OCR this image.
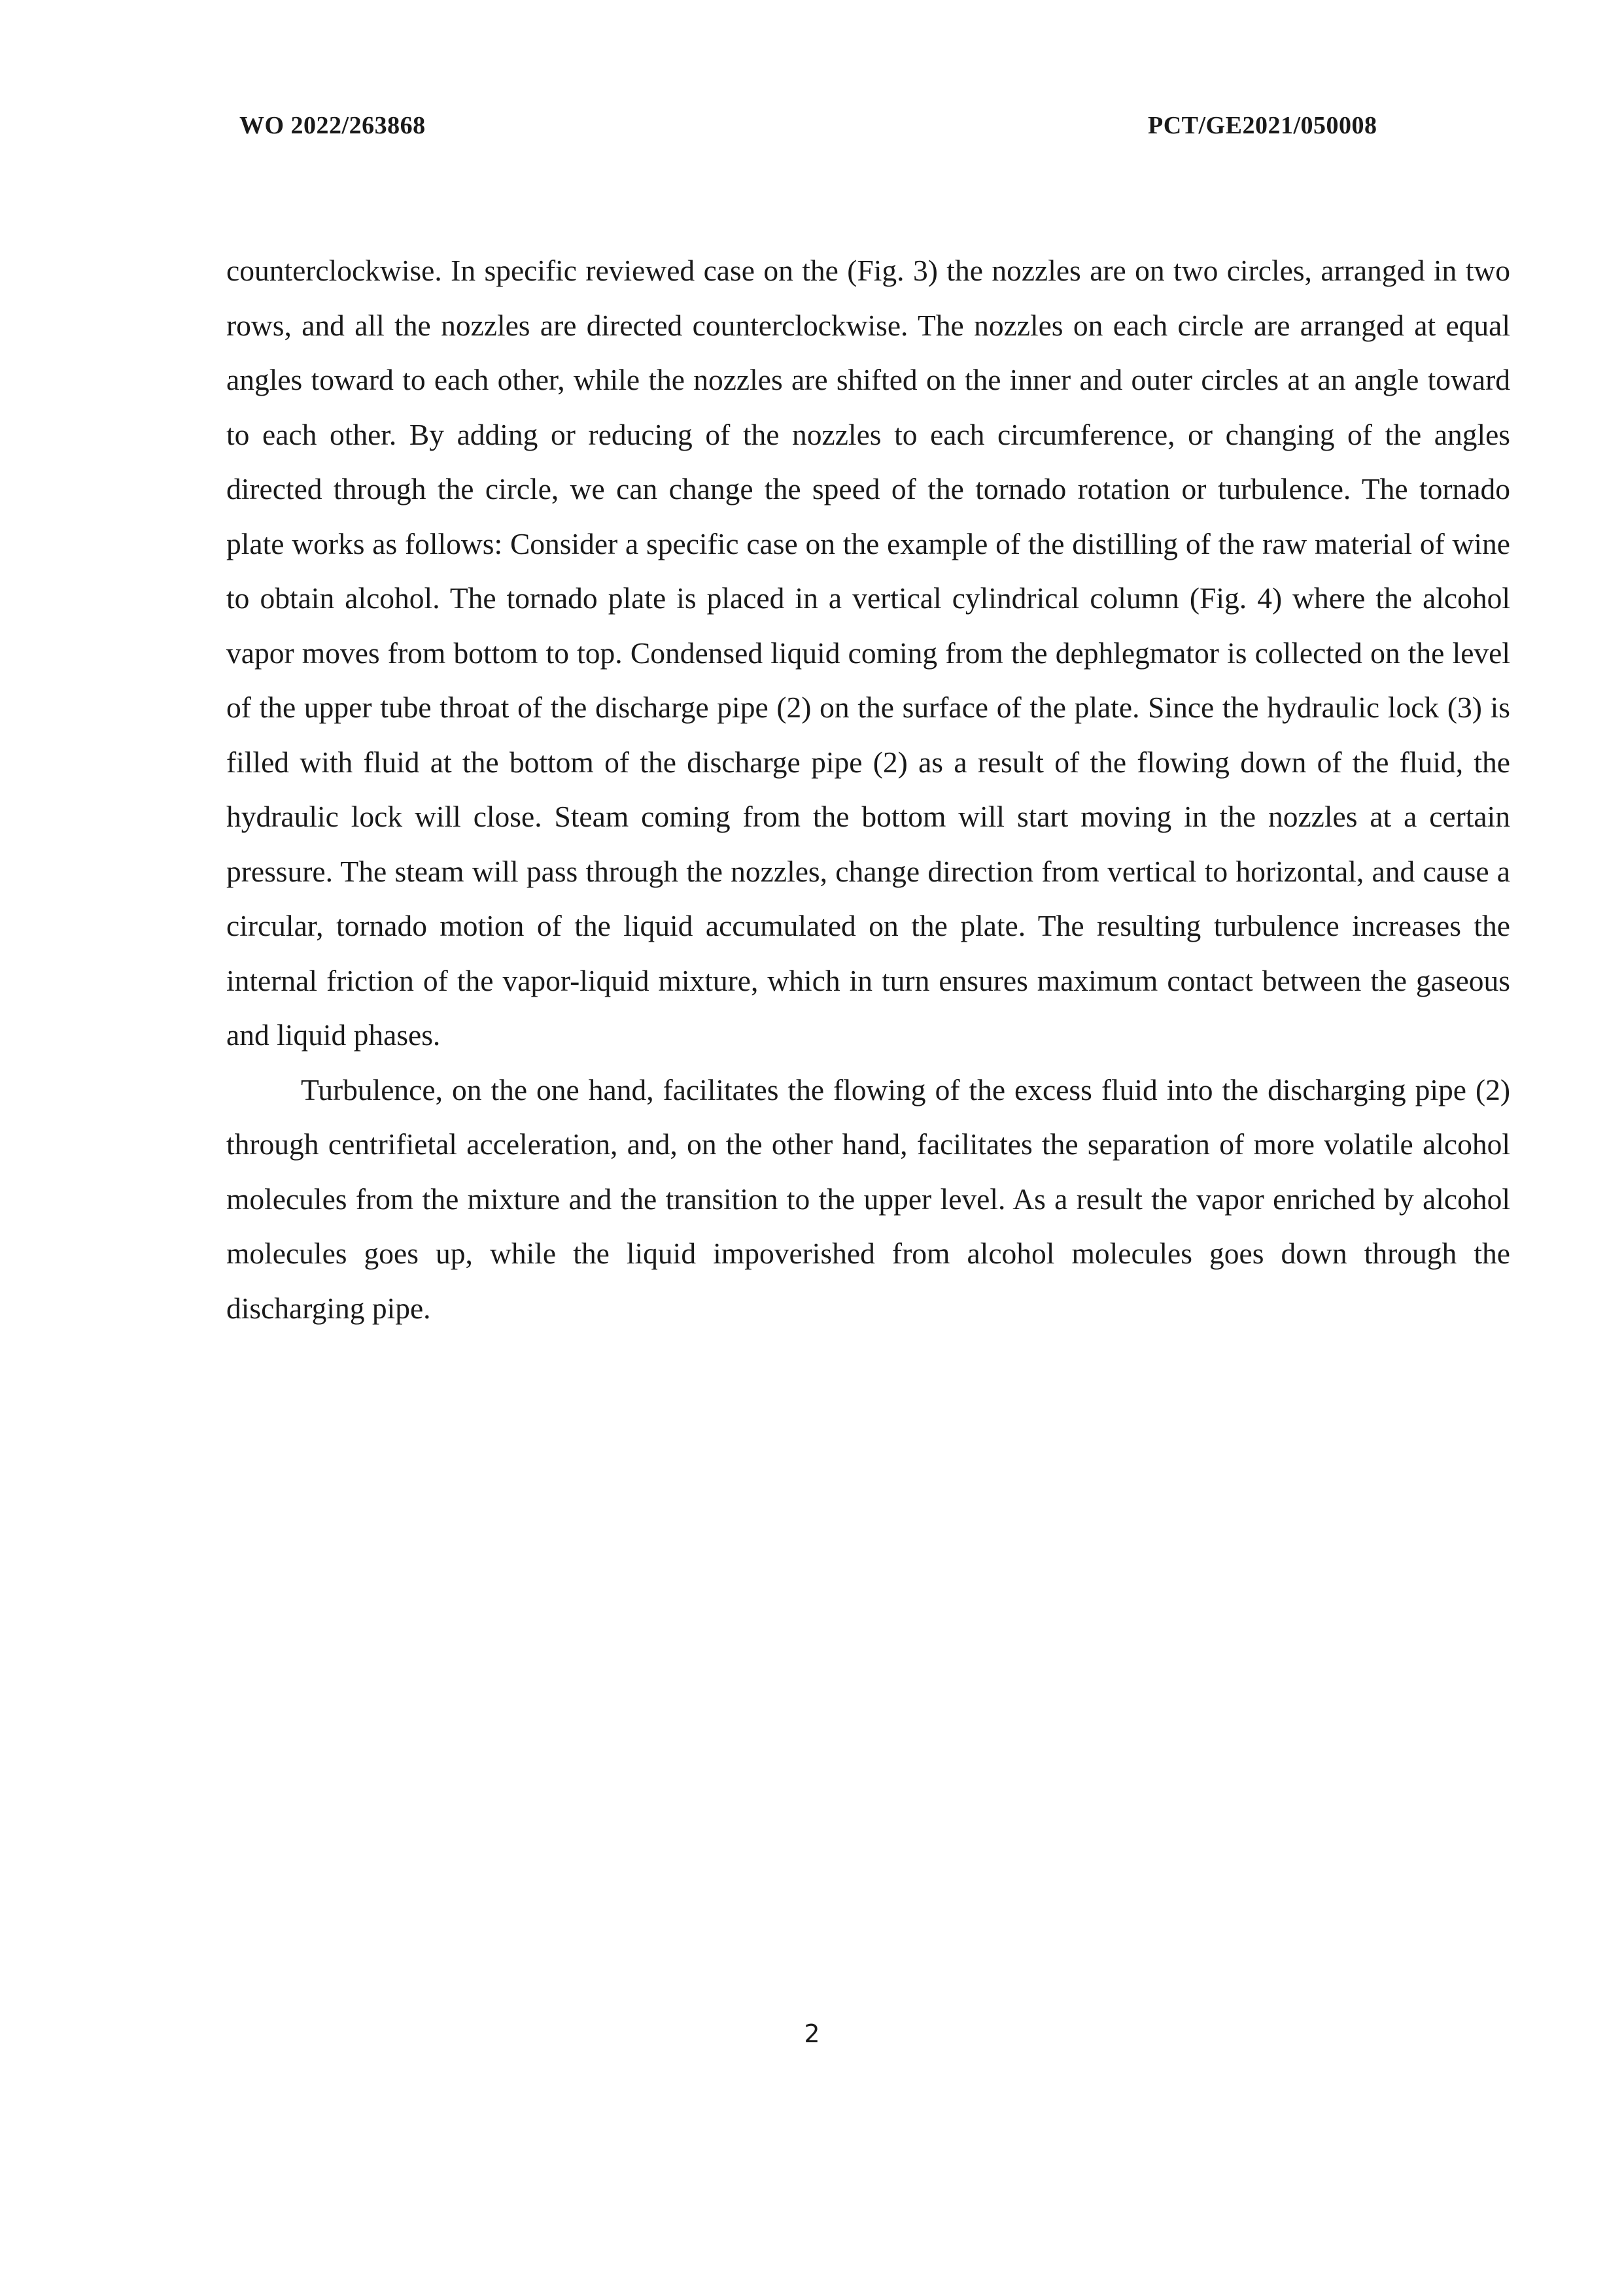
WO 2022/263868	PCT/GE2021/050008

counterclockwise. In specific reviewed case on the (Fig. 3) the nozzles are on two circles, arranged in two rows, and all the nozzles are directed counterclockwise. The nozzles on each circle are arranged at equal angles toward to each other, while the nozzles are shifted on the inner and outer circles at an angle toward to each other. By adding or reducing of the nozzles to each circumference, or changing of the angles directed through the circle, we can change the speed of the tornado rotation or turbulence. The tornado plate works as follows: Consider a specific case on the example of the distilling of the raw material of wine to obtain alcohol. The tornado plate is placed in a vertical cylindrical column (Fig. 4) where the alcohol vapor moves from bottom to top. Condensed liquid coming from the dephlegmator is collected on the level of the upper tube throat of the discharge pipe (2) on the surface of the plate. Since the hydraulic lock (3) is filled with fluid at the bottom of the discharge pipe (2) as a result of the flowing down of the fluid, the hydraulic lock will close. Steam coming from the bottom will start moving in the nozzles at a certain pressure. The steam will pass through the nozzles, change direction from vertical to horizontal, and cause a circular, tornado motion of the liquid accumulated on the plate. The resulting turbulence increases the internal friction of the vapor-liquid mixture, which in turn ensures maximum contact between the gaseous and liquid phases.

Turbulence, on the one hand, facilitates the flowing of the excess fluid into the discharging pipe (2) through centrifietal acceleration, and, on the other hand, facilitates the separation of more volatile alcohol molecules from the mixture and the transition to the upper level. As a result the vapor enriched by alcohol molecules goes up, while the liquid impoverished from alcohol molecules goes down through the discharging pipe.

2
